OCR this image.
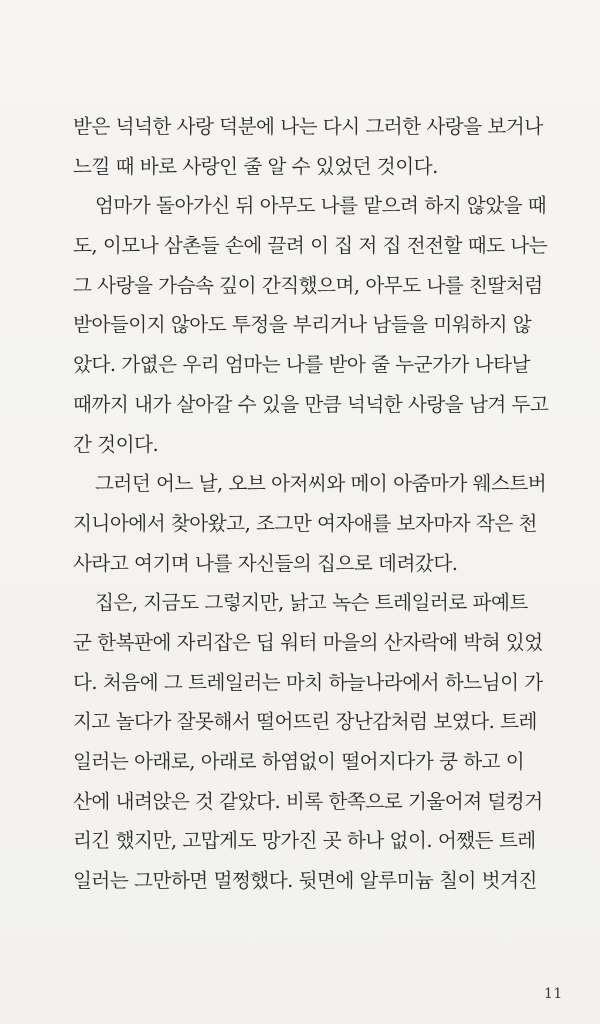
받은 넉넉한 사랑 덕분에 나는 다시 그러한 사랑을 보거나
느낄 때 바로 사랑인 줄 알 수 있었던 것이다.
엄마가 돌아가신 뒤 아무도 나를 맡으려 하지 않았을 때
도, 이모나 삼촌들 손에 끌려 이 집 저 집 전전할 때도 나는
그 사랑을 가슴속 깊이 간직했으며, 아무도 나를 친딸처럼
받아들이지 않아도 투정을 부리거나 남들을 미워하지 않
았다. 가엾은 우리 엄마는 나를 받아 줄 누군가가 나타날
때까지 내가 살아갈 수 있을 만큼 넉넉한 사랑을 남겨 두고
간 것이다.
그러던 어느 날, 오브 아저씨와 메이 아줌마가 웨스트버
지니아에서 찾아왔고, 조그만 여자애를 보자마자 작은 천
사라고 여기며 나를 자신들의 집으로 데려갔다.
집은, 지금도 그렇지만, 낡고 녹슨 트레일러로 파예트
군 한복판에 자리잡은 딥 워터 마을의 산자락에 박혀 있었
다. 처음에 그 트레일러는 마치 하늘나라에서 하느님이 가
지고 놀다가 잘못해서 떨어뜨린 장난감처럼 보였다. 트레
일러는 아래로, 아래로 하염없이 떨어지다가 쿵 하고 이
산에 내려앉은 것 같았다. 비록 한쪽으로 기울어져 덜컹거
리긴 했지만, 고맙게도 망가진 곳 하나 없이. 어쨌든 트레
일러는 그만하면 멀쩡했다. 뒷면에 알루미늄 칠이 벗겨진
11
